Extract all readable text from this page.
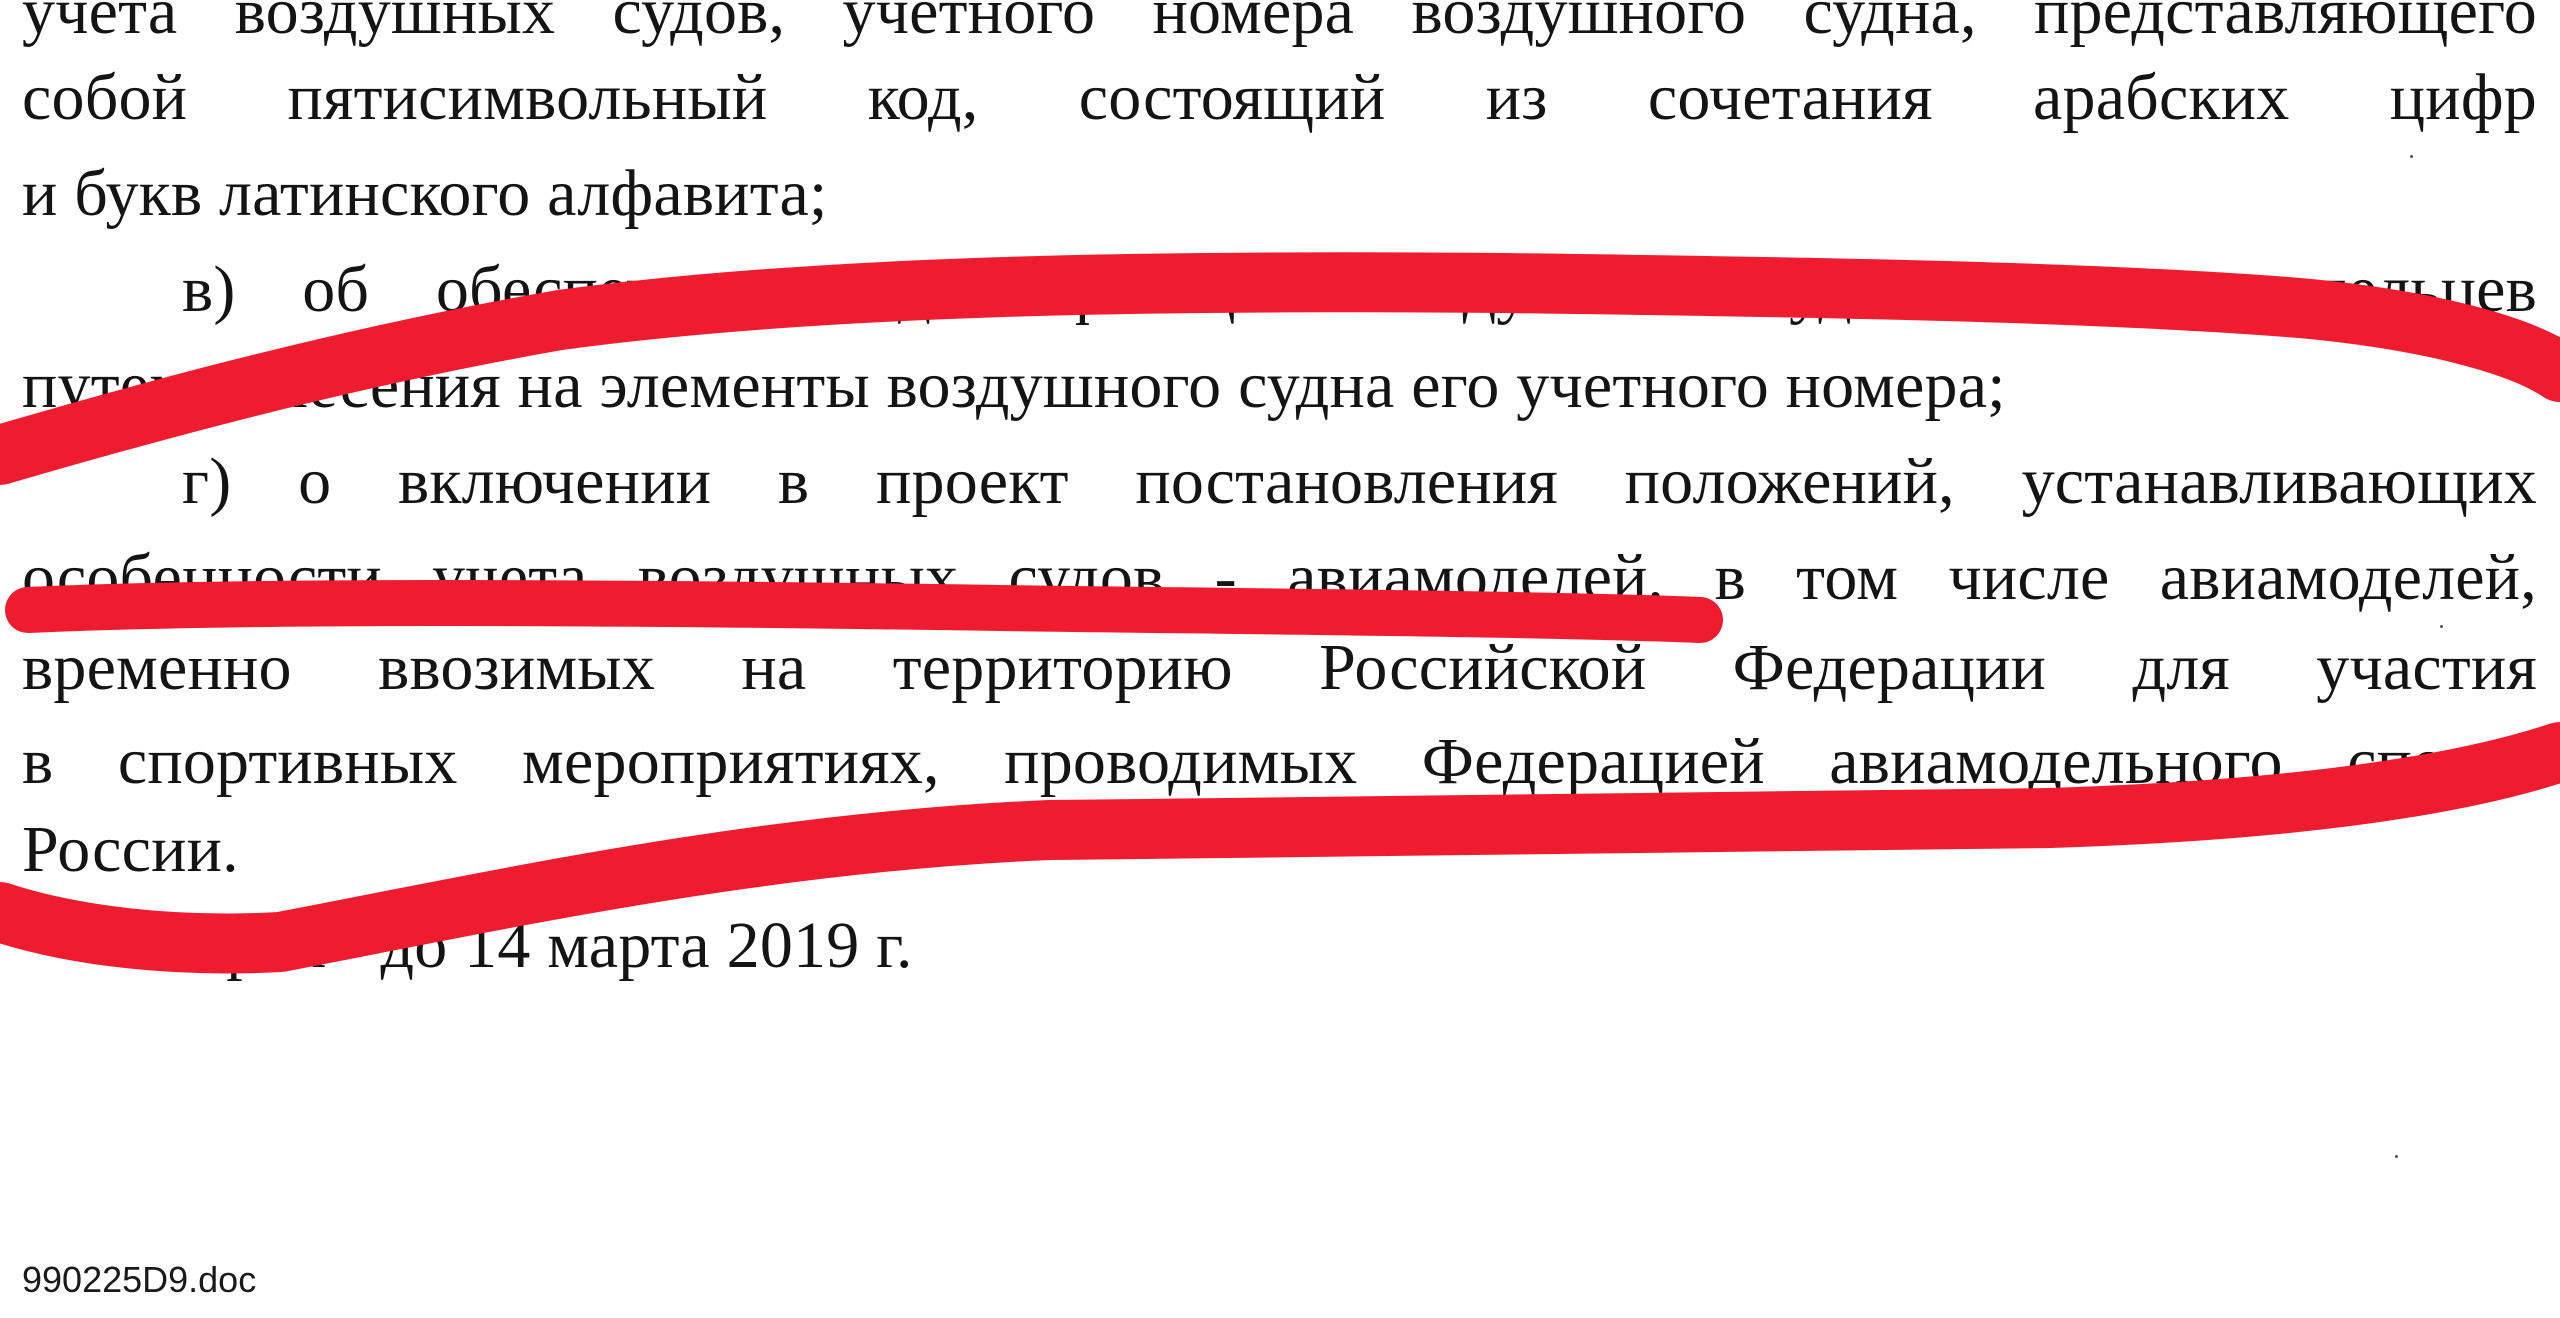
учета воздушных судов, учетного номера воздушного судна, представляющего
собой пятисимвольный код, состоящий из сочетания арабских цифр
и букв латинского алфавита;
в) об обеспечении идентификации воздушных судов и их владельцев
путем нанесения на элементы воздушного судна его учетного номера;
г) о включении в проект постановления положений, устанавливающих
особенности учета воздушных судов - авиамоделей, в том числе авиамоделей,
временно ввозимых на территорию Российской Федерации для участия
в спортивных мероприятиях, проводимых Федерацией авиамодельного спорта
России.
Срок - до 14 марта 2019 г.
990225D9.doc
